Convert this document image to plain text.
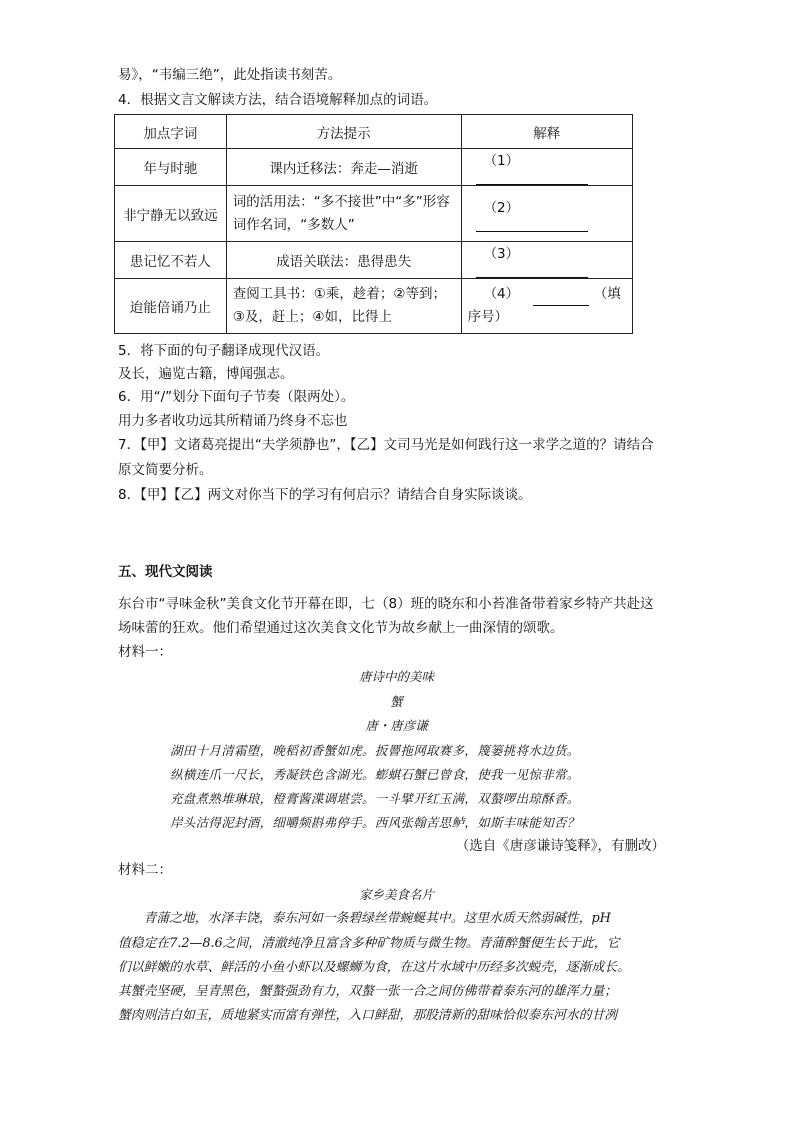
易》，“韦编三绝”，此处指读书刻苦。
4．根据文言文解读方法，结合语境解释加点的词语。
加点字词	方法提示	解释
年与时驰	课内迁移法：奔走—消逝	（1）
非宁静无以致远	词的活用法：“多不接世”中“多”形容词作名词，“多数人”	（2）
患记忆不若人	成语关联法：患得患失	（3）
迨能倍诵乃止	查阅工具书：①乘，趁着；②等到；③及，赶上；④如，比得上	（4） （填序号）
5．将下面的句子翻译成现代汉语。
及长，遍览古籍，博闻强志。
6．用“/”划分下面句子节奏（限两处）。
用力多者收功远其所精诵乃终身不忘也
7．【甲】文诸葛亮提出“夫学须静也”，【乙】文司马光是如何践行这一求学之道的？请结合
原文简要分析。
8．【甲】【乙】两文对你当下的学习有何启示？请结合自身实际谈谈。
五、现代文阅读
东台市“寻味金秋”美食文化节开幕在即，七（8）班的晓东和小苔准备带着家乡特产共赴这
场味蕾的狂欢。他们希望通过这次美食文化节为故乡献上一曲深情的颂歌。
材料一：
唐诗中的美味
蟹
唐・唐彦谦
湖田十月清霜堕，晚稻初香蟹如虎。扳罾拖网取赛多，篾篓挑将水边货。
纵横连爪一尺长，秀凝铁色含湖光。蟛蜞石蟹已曾食，使我一见惊非常。
充盘煮熟堆琳琅，橙膏酱渫调堪尝。一斗擘开红玉满，双螯啰出琼酥香。
岸头沽得泥封酒，细嚼频斟弗停手。西风张翰苦思鲈，如斯丰味能知否？
（选自《唐彦谦诗笺释》，有删改）
材料二：
家乡美食名片
　　青蒲之地，水泽丰饶，泰东河如一条碧绿丝带蜿蜒其中。这里水质天然弱碱性，pH
值稳定在7.2—8.6之间，清澈纯净且富含多种矿物质与微生物。青蒲醉蟹便生长于此，它
们以鲜嫩的水草、鲜活的小鱼小虾以及螺蛳为食，在这片水域中历经多次蜕壳，逐渐成长。
其蟹壳坚硬，呈青黑色，蟹螯强劲有力，双螯一张一合之间仿佛带着泰东河的雄浑力量；
蟹肉则洁白如玉，质地紧实而富有弹性，入口鲜甜，那股清新的甜味恰似泰东河水的甘冽
